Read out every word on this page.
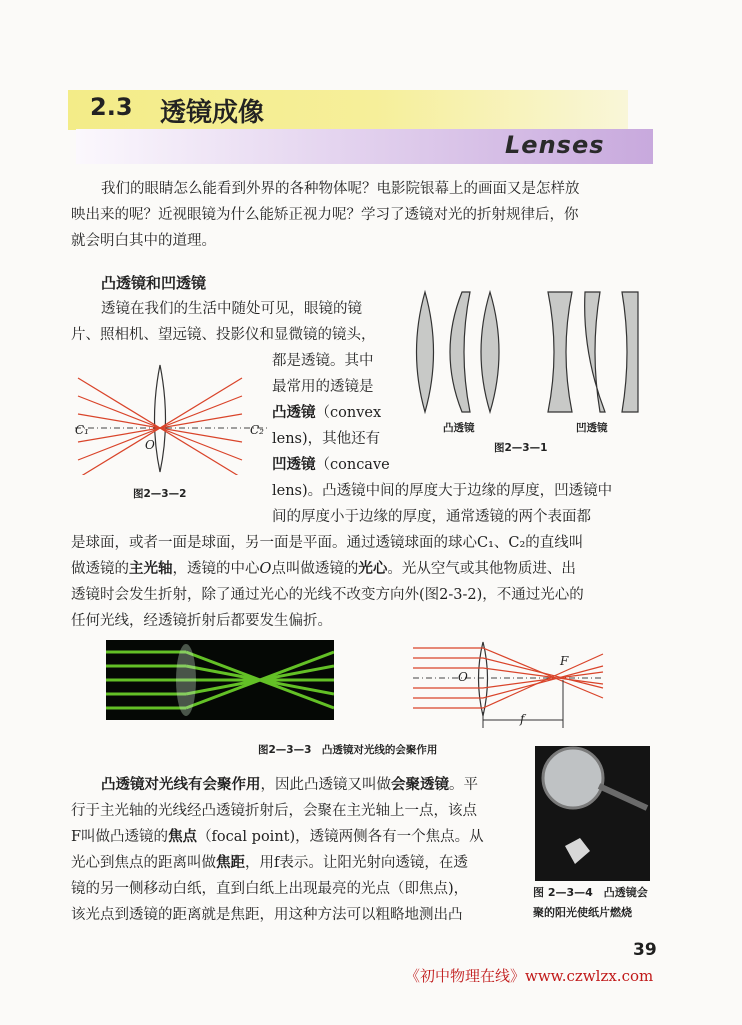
2.3 透镜成像
Lenses
我们的眼睛怎么能看到外界的各种物体呢？电影院银幕上的画面又是怎样放
映出来的呢？近视眼镜为什么能矫正视力呢？学习了透镜对光的折射规律后，你
就会明白其中的道理。
凸透镜和凹透镜
透镜在我们的生活中随处可见，眼镜的镜
片、照相机、望远镜、投影仪和显微镜的镜头，
都是透镜。其中
最常用的透镜是
凸透镜（convex
lens)，其他还有
凹透镜（concave
lens)。凸透镜中间的厚度大于边缘的厚度，凹透镜中
间的厚度小于边缘的厚度，通常透镜的两个表面都
是球面，或者一面是球面，另一面是平面。通过透镜球面的球心C₁、C₂的直线叫
做透镜的主光轴，透镜的中心O点叫做透镜的光心。光从空气或其他物质进、出
透镜时会发生折射，除了通过光心的光线不改变方向外(图2-3-2)，不通过光心的
任何光线，经透镜折射后都要发生偏折。
凸透镜	凹透镜
图2—3—1
C₁	C₂
O
图2—3—2
F
O
f
图2—3—3　凸透镜对光线的会聚作用
凸透镜对光线有会聚作用，因此凸透镜又叫做会聚透镜。平
行于主光轴的光线经凸透镜折射后，会聚在主光轴上一点，该点
F叫做凸透镜的焦点（focal point)，透镜两侧各有一个焦点。从
光心到焦点的距离叫做焦距，用f表示。让阳光射向透镜，在透
镜的另一侧移动白纸，直到白纸上出现最亮的光点（即焦点)，
该光点到透镜的距离就是焦距，用这种方法可以粗略地测出凸
图 2—3—4　凸透镜会
聚的阳光使纸片燃烧
39
《初中物理在线》www.czwlzx.com
